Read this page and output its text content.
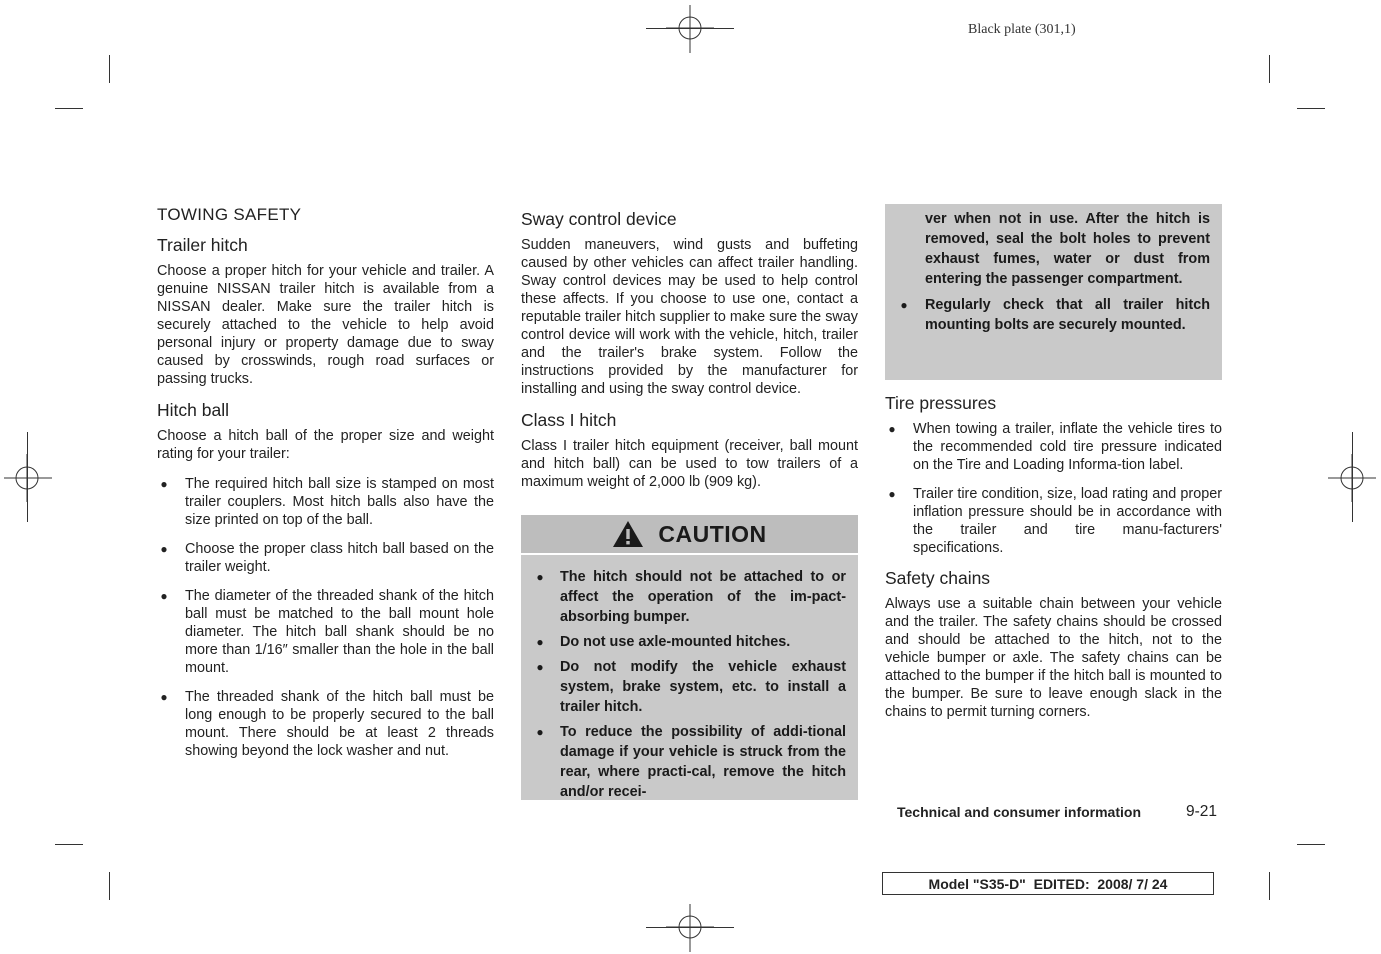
Black plate (301,1)
TOWING SAFETY
Trailer hitch

Choose a proper hitch for your vehicle and trailer. A genuine NISSAN trailer hitch is available from a NISSAN dealer. Make sure the trailer hitch is securely attached to the vehicle to help avoid personal injury or property damage due to sway caused by crosswinds, rough road surfaces or passing trucks.

Hitch ball

Choose a hitch ball of the proper size and weight rating for your trailer:

● The required hitch ball size is stamped on most trailer couplers. Most hitch balls also have the size printed on top of the ball.
● Choose the proper class hitch ball based on the trailer weight.
● The diameter of the threaded shank of the hitch ball must be matched to the ball mount hole diameter. The hitch ball shank should be no more than 1/16″ smaller than the hole in the ball mount.
● The threaded shank of the hitch ball must be long enough to be properly secured to the ball mount. There should be at least 2 threads showing beyond the lock washer and nut.
Sway control device

Sudden maneuvers, wind gusts and buffeting caused by other vehicles can affect trailer handling. Sway control devices may be used to help control these affects. If you choose to use one, contact a reputable trailer hitch supplier to make sure the sway control device will work with the vehicle, hitch, trailer and the trailer's brake system. Follow the instructions provided by the manufacturer for installing and using the sway control device.

Class I hitch

Class I trailer hitch equipment (receiver, ball mount and hitch ball) can be used to tow trailers of a maximum weight of 2,000 lb (909 kg).

CAUTION
● The hitch should not be attached to or affect the operation of the im-pact-absorbing bumper.
● Do not use axle-mounted hitches.
● Do not modify the vehicle exhaust system, brake system, etc. to install a trailer hitch.
● To reduce the possibility of addi-tional damage if your vehicle is struck from the rear, where practi-cal, remove the hitch and/or recei-

ver when not in use. After the hitch is removed, seal the bolt holes to prevent exhaust fumes, water or dust from entering the passenger compartment.

● Regularly check that all trailer hitch mounting bolts are securely mounted.
Tire pressures
● When towing a trailer, inflate the vehicle tires to the recommended cold tire pressure indicated on the Tire and Loading Informa-tion label.
● Trailer tire condition, size, load rating and proper inflation pressure should be in accordance with the trailer and tire manu-facturers' specifications.
Safety chains

Always use a suitable chain between your vehicle and the trailer. The safety chains should be crossed and should be attached to the hitch, not to the vehicle bumper or axle. The safety chains can be attached to the bumper if the hitch ball is mounted to the bumper. Be sure to leave enough slack in the chains to permit turning corners.

Technical and consumer information	9-21
Model "S35-D"  EDITED:  2008/ 7/ 24
